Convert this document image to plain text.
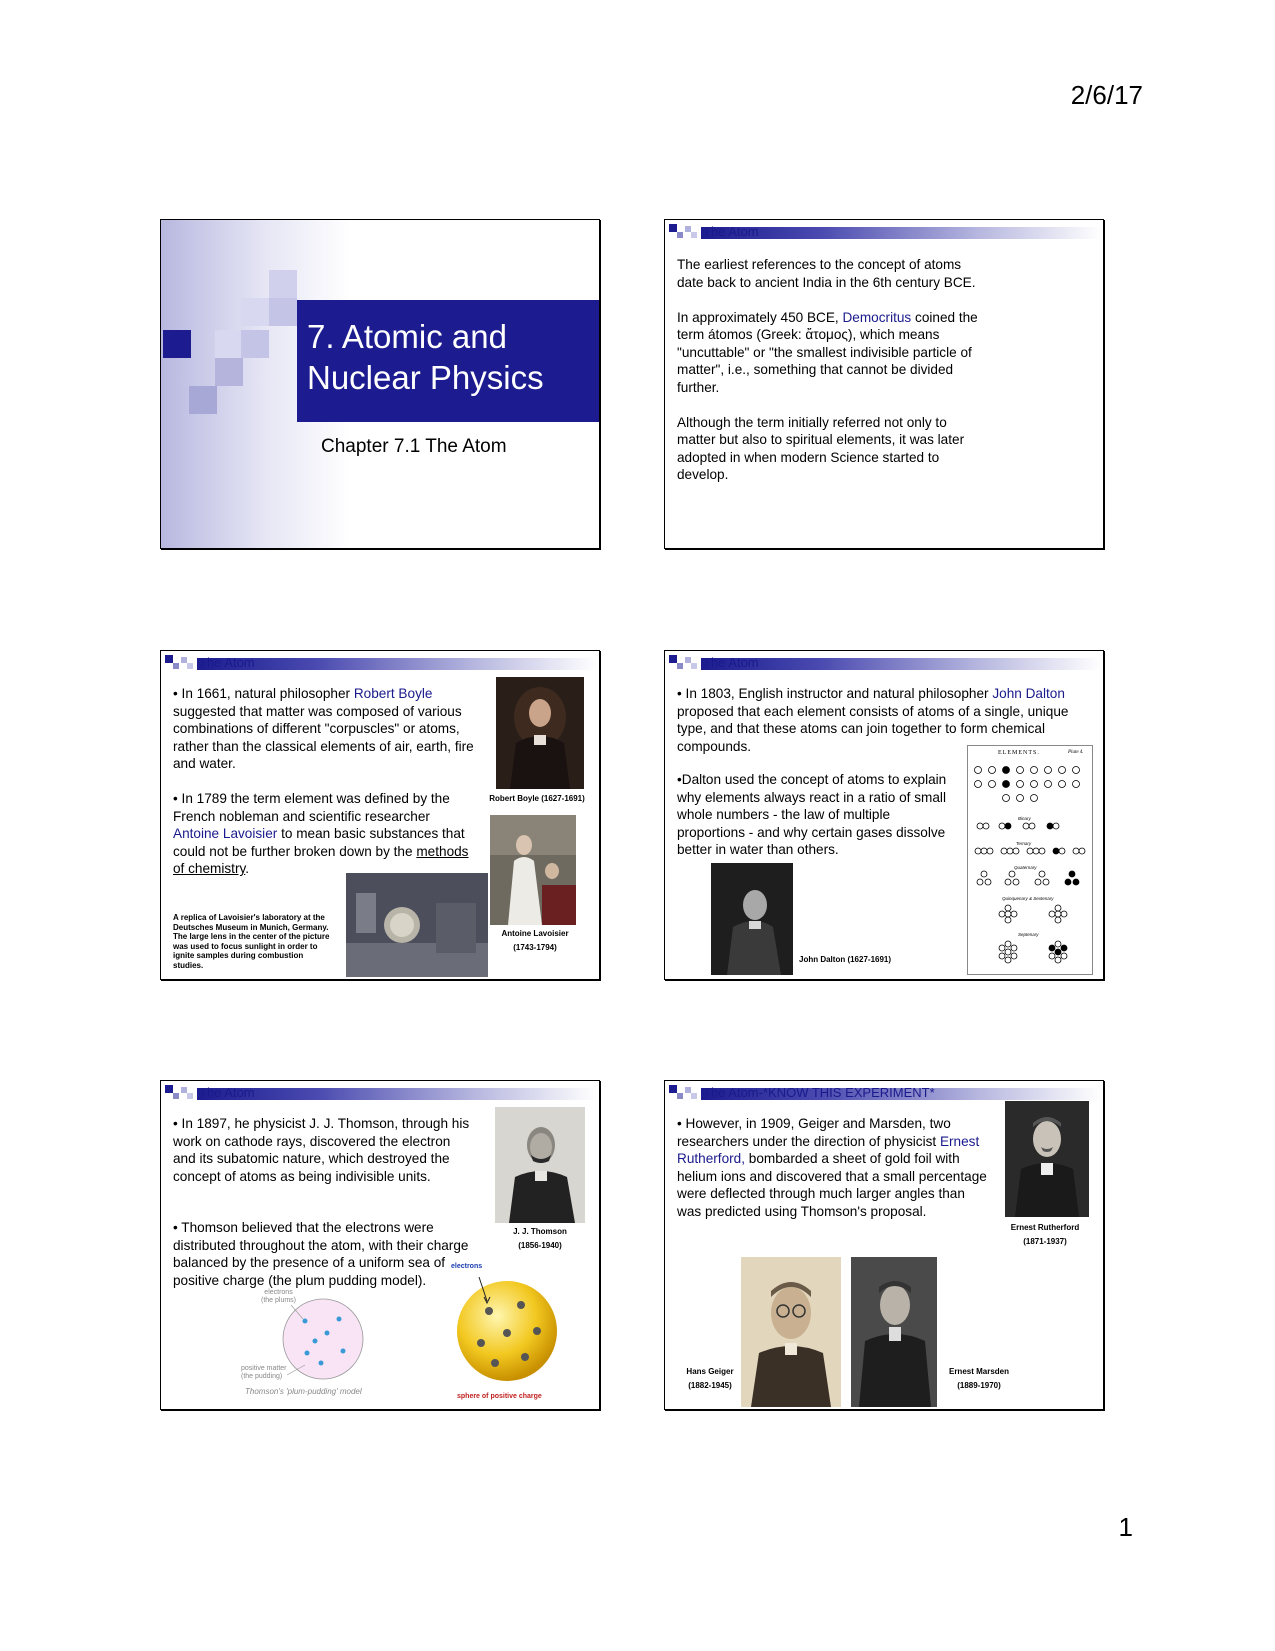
2/6/17
1
7. Atomic and
Nuclear Physics
Chapter 7.1 The Atom
The Atom
The earliest references to the concept of atoms date back to ancient India in the 6th century BCE.
In approximately 450 BCE, Democritus coined the term átomos (Greek: ἄτομος), which means "uncuttable" or "the smallest indivisible particle of matter", i.e., something that cannot be divided further.
Although the term initially referred not only to matter but also to spiritual elements, it was later adopted in when modern Science started to develop.
The Atom
• In 1661, natural philosopher Robert Boyle suggested that matter was composed of various combinations of different "corpuscles" or atoms, rather than the classical elements of air, earth, fire and water.
• In 1789 the term element was defined by the French nobleman and scientific researcher Antoine Lavoisier to mean basic substances that could not be further broken down by the methods of chemistry.
Robert Boyle (1627-1691)
Antoine Lavoisier
(1743-1794)
A replica of Lavoisier's laboratory at the Deutsches Museum in Munich, Germany. The large lens in the center of the picture was used to focus sunlight in order to ignite samples during combustion studies.
The Atom
• In 1803, English instructor and natural philosopher John Dalton proposed that each element consists of atoms of a single, unique type, and that these atoms can join together to form chemical compounds.
•Dalton used the concept of atoms to explain why elements always react in a ratio of small whole numbers - the law of multiple proportions - and why certain gases dissolve better in water than others.
John Dalton (1627-1691)
ELEMENTS.	Plate 4.
Binary
Ternary
Quaternary
Quinquenary & Sextenary
Septenary
The Atom
• In 1897, he physicist J. J. Thomson, through his work on cathode rays, discovered the electron and its subatomic nature, which destroyed the concept of atoms as being indivisible units.
• Thomson believed that the electrons were distributed throughout the atom, with their charge balanced by the presence of a uniform sea of positive charge (the plum pudding model).
J. J. Thomson
(1856-1940)
electrons
(the plums)
positive matter
(the pudding)
Thomson's 'plum-pudding' model
electrons
sphere of positive charge
The Atom-*KNOW THIS EXPERIMENT*
• However, in 1909, Geiger and Marsden, two researchers under the direction of physicist Ernest Rutherford, bombarded a sheet of gold foil with helium ions and discovered that a small percentage were deflected through much larger angles than was predicted using Thomson's proposal.
Ernest Rutherford
(1871-1937)
Hans Geiger
(1882-1945)
Ernest Marsden
(1889-1970)
